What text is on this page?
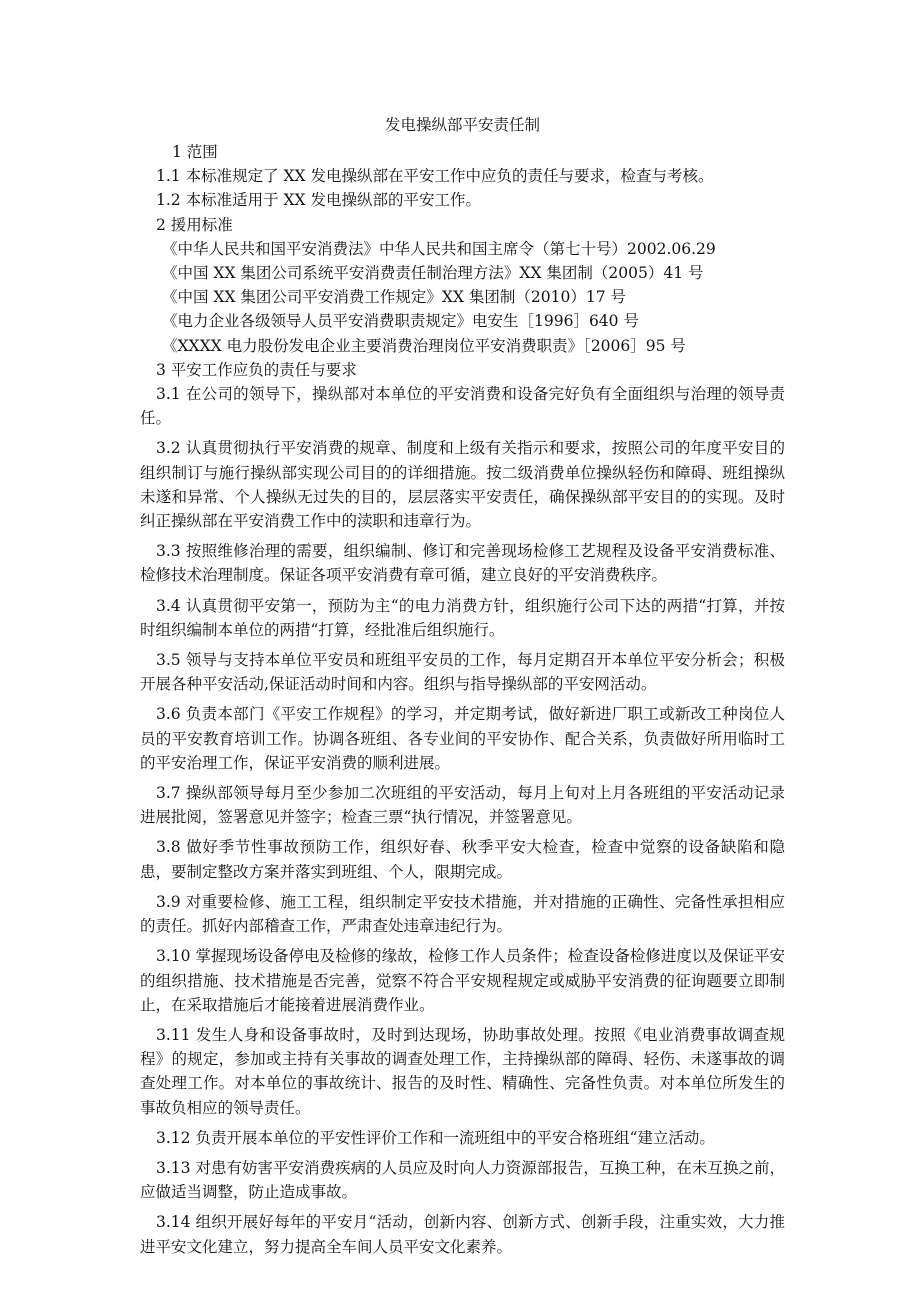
发电操纵部平安责任制

1 范围

1.1 本标准规定了 XX 发电操纵部在平安工作中应负的责任与要求，检查与考核。

1.2 本标准适用于 XX 发电操纵部的平安工作。

2 援用标准

《中华人民共和国平安消费法》中华人民共和国主席令（第七十号）2002.06.29

《中国 XX 集团公司系统平安消费责任制治理方法》XX 集团制（2005）41 号

《中国 XX 集团公司平安消费工作规定》XX 集团制（2010）17 号

《电力企业各级领导人员平安消费职责规定》电安生［1996］640 号

《XXXX 电力股份发电企业主要消费治理岗位平安消费职责》［2006］95 号

3 平安工作应负的责任与要求

3.1 在公司的领导下，操纵部对本单位的平安消费和设备完好负有全面组织与治理的领导责任。

3.2 认真贯彻执行平安消费的规章、制度和上级有关指示和要求，按照公司的年度平安目的组织制订与施行操纵部实现公司目的的详细措施。按二级消费单位操纵轻伤和障碍、班组操纵未遂和异常、个人操纵无过失的目的，层层落实平安责任，确保操纵部平安目的的实现。及时纠正操纵部在平安消费工作中的渎职和违章行为。

3.3 按照维修治理的需要，组织编制、修订和完善现场检修工艺规程及设备平安消费标准、检修技术治理制度。保证各项平安消费有章可循，建立良好的平安消费秩序。

3.4 认真贯彻平安第一，预防为主“的电力消费方针，组织施行公司下达的两措“打算，并按时组织编制本单位的两措“打算，经批准后组织施行。

3.5 领导与支持本单位平安员和班组平安员的工作，每月定期召开本单位平安分析会；积极开展各种平安活动,保证活动时间和内容。组织与指导操纵部的平安网活动。

3.6 负责本部门《平安工作规程》的学习，并定期考试，做好新进厂职工或新改工种岗位人员的平安教育培训工作。协调各班组、各专业间的平安协作、配合关系，负责做好所用临时工的平安治理工作，保证平安消费的顺利进展。

3.7 操纵部领导每月至少参加二次班组的平安活动，每月上旬对上月各班组的平安活动记录进展批阅，签署意见并签字；检查三票“执行情况，并签署意见。

3.8 做好季节性事故预防工作，组织好春、秋季平安大检查，检查中觉察的设备缺陷和隐患，要制定整改方案并落实到班组、个人，限期完成。

3.9 对重要检修、施工工程，组织制定平安技术措施，并对措施的正确性、完备性承担相应的责任。抓好内部稽查工作，严肃查处违章违纪行为。

3.10 掌握现场设备停电及检修的缘故，检修工作人员条件；检查设备检修进度以及保证平安的组织措施、技术措施是否完善，觉察不符合平安规程规定或威胁平安消费的征询题要立即制止，在采取措施后才能接着进展消费作业。

3.11 发生人身和设备事故时，及时到达现场，协助事故处理。按照《电业消费事故调查规程》的规定，参加或主持有关事故的调查处理工作，主持操纵部的障碍、轻伤、未遂事故的调查处理工作。对本单位的事故统计、报告的及时性、精确性、完备性负责。对本单位所发生的事故负相应的领导责任。

3.12 负责开展本单位的平安性评价工作和一流班组中的平安合格班组“建立活动。

3.13 对患有妨害平安消费疾病的人员应及时向人力资源部报告，互换工种，在未互换之前，应做适当调整，防止造成事故。

3.14 组织开展好每年的平安月“活动，创新内容、创新方式、创新手段，注重实效，大力推进平安文化建立，努力提高全车间人员平安文化素养。
